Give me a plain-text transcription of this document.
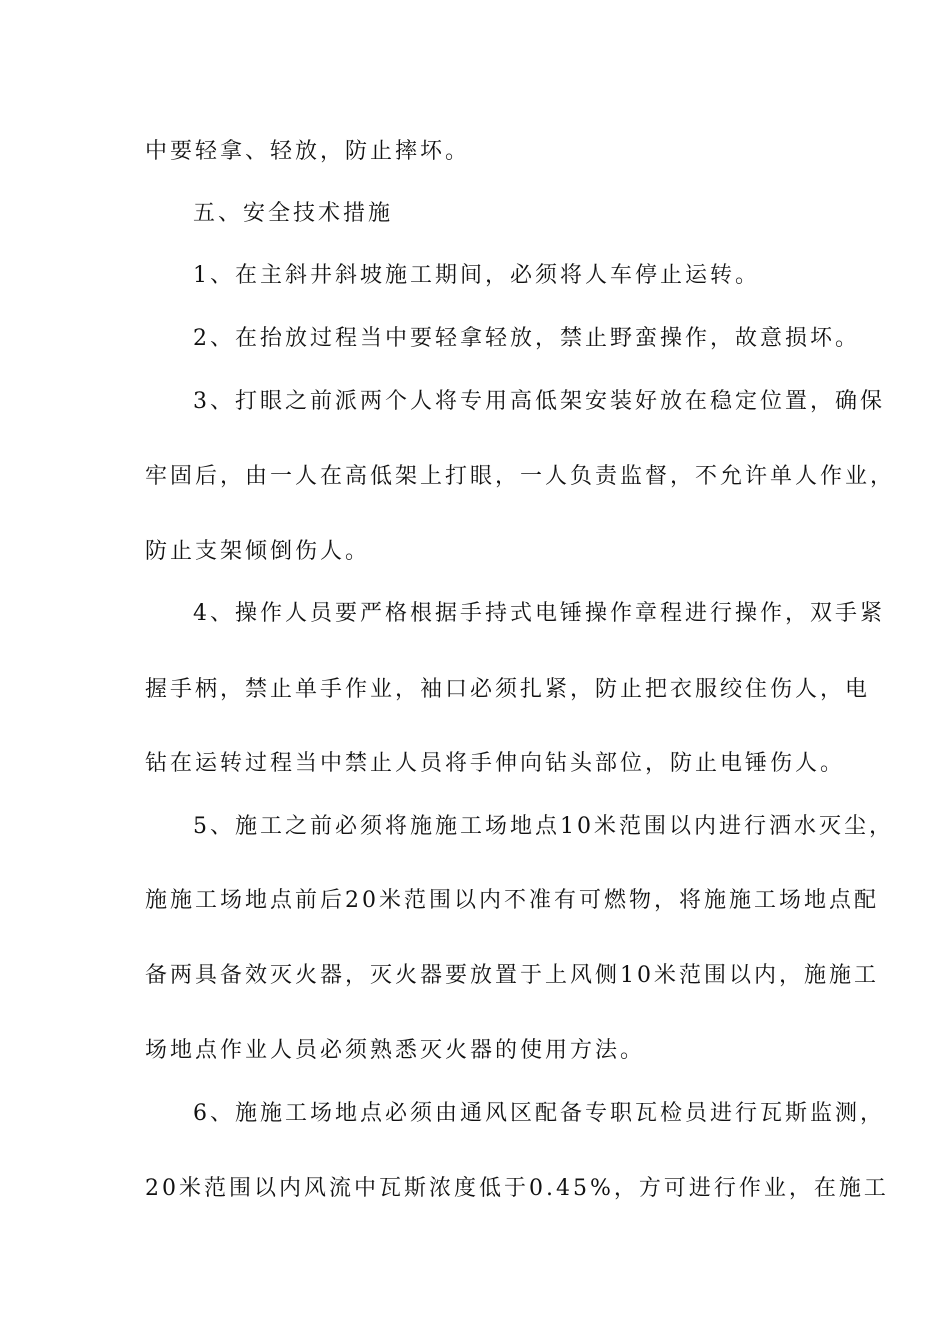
中要轻拿、轻放，防止摔坏。
五、安全技术措施
1、在主斜井斜坡施工期间，必须将人车停止运转。
2、在抬放过程当中要轻拿轻放，禁止野蛮操作，故意损坏。
3、打眼之前派两个人将专用高低架安装好放在稳定位置，确保
牢固后，由一人在高低架上打眼，一人负责监督，不允许单人作业，
防止支架倾倒伤人。
4、操作人员要严格根据手持式电锤操作章程进行操作，双手紧
握手柄，禁止单手作业，袖口必须扎紧，防止把衣服绞住伤人，电
钻在运转过程当中禁止人员将手伸向钻头部位，防止电锤伤人。
5、施工之前必须将施施工场地点10米范围以内进行洒水灭尘，
施施工场地点前后20米范围以内不准有可燃物，将施施工场地点配
备两具备效灭火器，灭火器要放置于上风侧10米范围以内，施施工
场地点作业人员必须熟悉灭火器的使用方法。
6、施施工场地点必须由通风区配备专职瓦检员进行瓦斯监测，
20米范围以内风流中瓦斯浓度低于0.45%，方可进行作业，在施工
